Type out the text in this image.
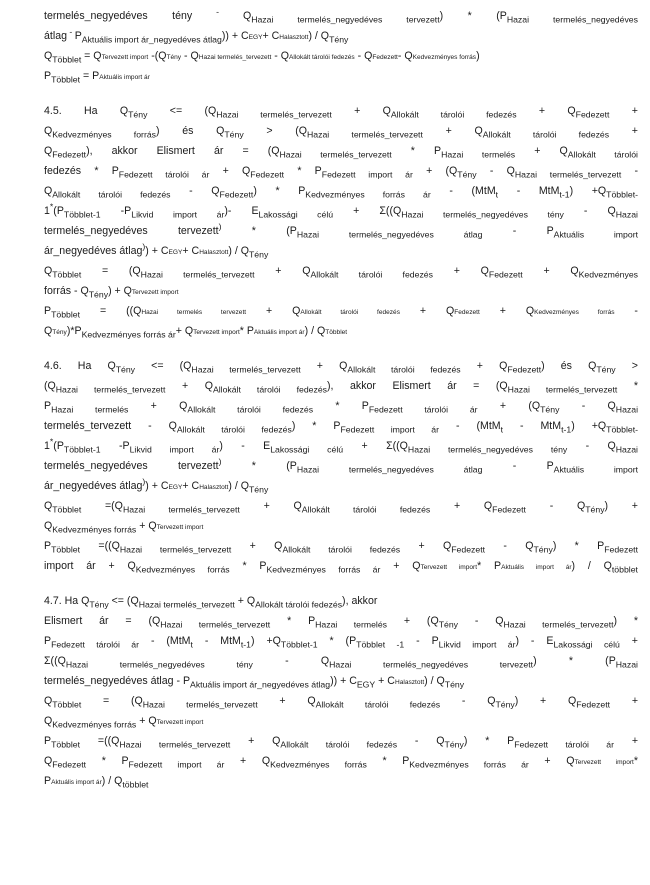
termelés_negyedéves tény - $Q_{Hazai termelés\_negyedéves tervezett}) * (P_{Hazai termelés\_negyedéves}$
átlag - $P_{Aktuális import ár\_negyedéves átlag}$)) + CEGY+ CHalasztott) / $Q_{Tény}$
$Q_{Többlet}$ = QTervezett import -(QTény - QHazai termelés_tervezett - QAllokált tárolói fedezés - QFedezett- QKedvezményes forrás)
$P_{Többlet}$ = PAktuális import ár
4.5. Ha $Q_{Tény} <= (Q_{Hazai termelés\_tervezett} + Q_{Allokált tárolói fedezés} + Q_{Fedezett}$ +
$Q_{Kedvezményes forrás}$) és $Q_{Tény} > (Q_{Hazai termelés\_tervezett} + Q_{Allokált tárolói fedezés}$ +
$Q_{Fedezett}$), akkor Elismert ár = ($Q_{Hazai termelés\_tervezett} * P_{Hazai termelés} + Q_{Allokált tárolói}$
fedezés * $P_{Fedezett tárolói ár} + Q_{Fedezett} * P_{Fedezett import ár} + (Q_{Tény} - Q_{Hazai termelés\_tervezett}$ -
$Q_{Allokált tárolói fedezés} - Q_{Fedezett}) * P_{Kedvezményes forrás ár} - (MtM_t - MtM_{t-1}) +Q_{Többlet-}$
$1^*(P_{Többlet-1}$ $-P_{Likvid import ár})-$ $E_{Lakossági célú} + \Sigma((Q_{Hazai termelés\_negyedéves tény} - Q_{Hazai}$
termelés_negyedéves tervezett) * ($P_{Hazai termelés\_negyedéves átlag} - P_{Aktuális import}$
ár_negyedéves átlag)) + CEGY+ CHalasztott) / $Q_{Tény}$
$Q_{Többlet} = (Q_{Hazai termelés\_tervezett} + Q_{Allokált tárolói fedezés} + Q_{Fedezett} + Q_{Kedvezményes}$
forrás - $Q_{Tény}$) + QTervezett import
$P_{Többlet}$ = ((QHazai termelés tervezett + QAllokált tárolói fedezés + QFedezett + QKedvezményes forrás -
$QTény)*P_{Kedvezményes forrás ár}+$ QTervezett import* PAktuális import ár) / QTöbblet
4.6. Ha $Q_{Tény} <= (Q_{Hazai termelés\_tervezett} + Q_{Allokált tárolói fedezés} + Q_{Fedezett})$ és $Q_{Tény}$ >
$(Q_{Hazai termelés\_tervezett} + Q_{Allokált tárolói fedezés})$, akkor Elismert ár = ($Q_{Hazai termelés\_tervezett}$ *
$P_{Hazai termelés} + Q_{Allokált tárolói fedezés} * P_{Fedezett tárolói ár} + (Q_{Tény} - Q_{Hazai}$
termelés_tervezett - $Q_{Allokált tárolói fedezés}) * P_{Fedezett import ár} - (MtM_t - MtM_{t-1}) +Q_{Többlet-}$
$1^*(P_{Többlet-1}$ $-P_{Likvid import ár}) - E_{Lakossági célú} + \Sigma((Q_{Hazai termelés\_negyedéves tény} - Q_{Hazai}$
termelés_negyedéves tervezett) * ($P_{Hazai termelés\_negyedéves átlag} - P_{Aktuális import}$
ár_negyedéves átlag)) + CEGY+ CHalasztott) / $Q_{Tény}$
$Q_{Többlet} =(Q_{Hazai termelés\_tervezett} + Q_{Allokált tárolói fedezés} + Q_{Fedezett} - Q_{Tény})$ +
$Q_{Kedvezményes forrás}$ + QTervezett import
$P_{Többlet} =((Q_{Hazai termelés\_tervezett} + Q_{Allokált tárolói fedezés} + Q_{Fedezett} - Q_{Tény}) * P_{Fedezett}$
import ár + $Q_{Kedvezményes forrás} * P_{Kedvezményes forrás ár}$ + QTervezett import* PAktuális import ár) / $Q_{többlet}$
4.7. Ha $Q_{Tény} <= (Q_{Hazai termelés\_tervezett} + Q_{Allokált tárolói fedezés})$, akkor
Elismert ár = ($Q_{Hazai termelés\_tervezett} * P_{Hazai termelés} + (Q_{Tény} - Q_{Hazai termelés\_tervezett})$ *
$P_{Fedezett tárolói ár} - (MtM_t - MtM_{t-1}) +Q_{Többlet-1} * (P_{Többlet -1} - P_{Likvid import ár}) - E_{Lakossági célú}$ +
$\Sigma((Q_{Hazai termelés\_negyedéves tény} - Q_{Hazai termelés\_negyedéves tervezett}) * (P_{Hazai}$
termelés_negyedéves átlag - $P_{Aktuális import ár\_negyedéves átlag})) + C_{EGY}$ + CHalasztott) / $Q_{Tény}$
$Q_{Többlet} = (Q_{Hazai termelés\_tervezett} + Q_{Allokált tárolói fedezés} - Q_{Tény}) + Q_{Fedezett}$ +
$Q_{Kedvezményes forrás}$ + QTervezett import
$P_{Többlet} =((Q_{Hazai termelés\_tervezett} + Q_{Allokált tárolói fedezés} - Q_{Tény}) * P_{Fedezett tárolói ár}$ +
$Q_{Fedezett} * P_{Fedezett import ár} + Q_{Kedvezményes forrás} * P_{Kedvezményes forrás ár}$ + QTervezett import*
PAktuális import ár) / $Q_{többlet}$
